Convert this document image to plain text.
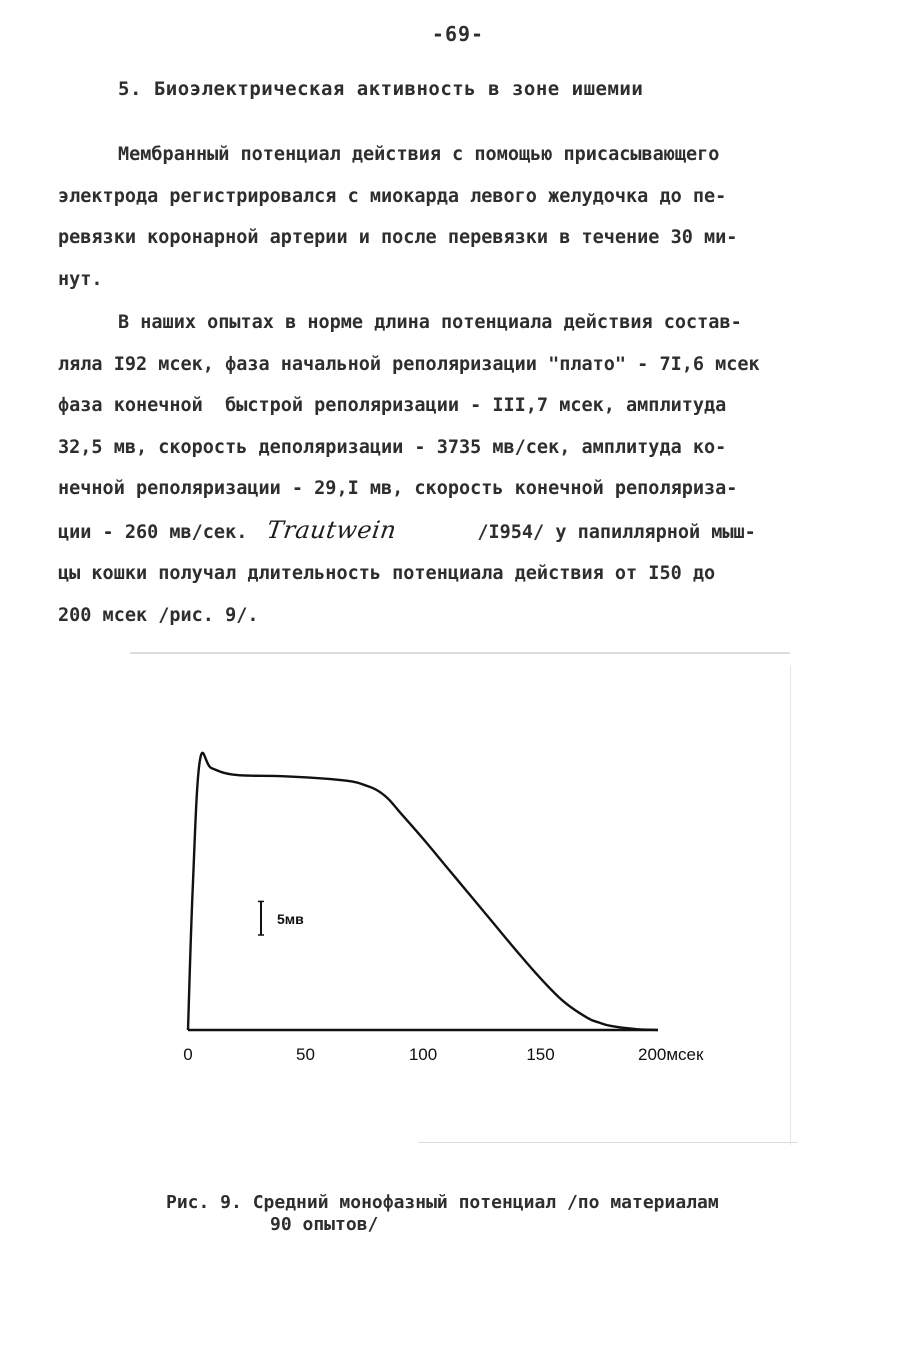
-69-
5. Биоэлектрическая активность в зоне ишемии
Мембранный потенциал действия с помощью присасывающего
электрода регистрировался с миокарда левого желудочка до пе-
ревязки коронарной артерии и после перевязки в течение 30 ми-
нут.
В наших опытах в норме длина потенциала действия состав-
ляла I92 мсек, фаза начальной реполяризации "плато" - 7I,6 мсек
фаза конечной  быстрой реполяризации - III,7 мсек, амплитуда
32,5 мв, скорость деполяризации - 3735 мв/сек, амплитуда ко-
нечной реполяризации - 29,I мв, скорость конечной реполяриза-
ции - 260 мв/сек. Trautwein	/I954/ у папиллярной мыш-
цы кошки получал длительность потенциала действия от I50 до
200 мсек /рис. 9/.
0	50	100	150	200мсек
5мв
Рис. 9. Средний монофазный потенциал /по материалам
90 опытов/
